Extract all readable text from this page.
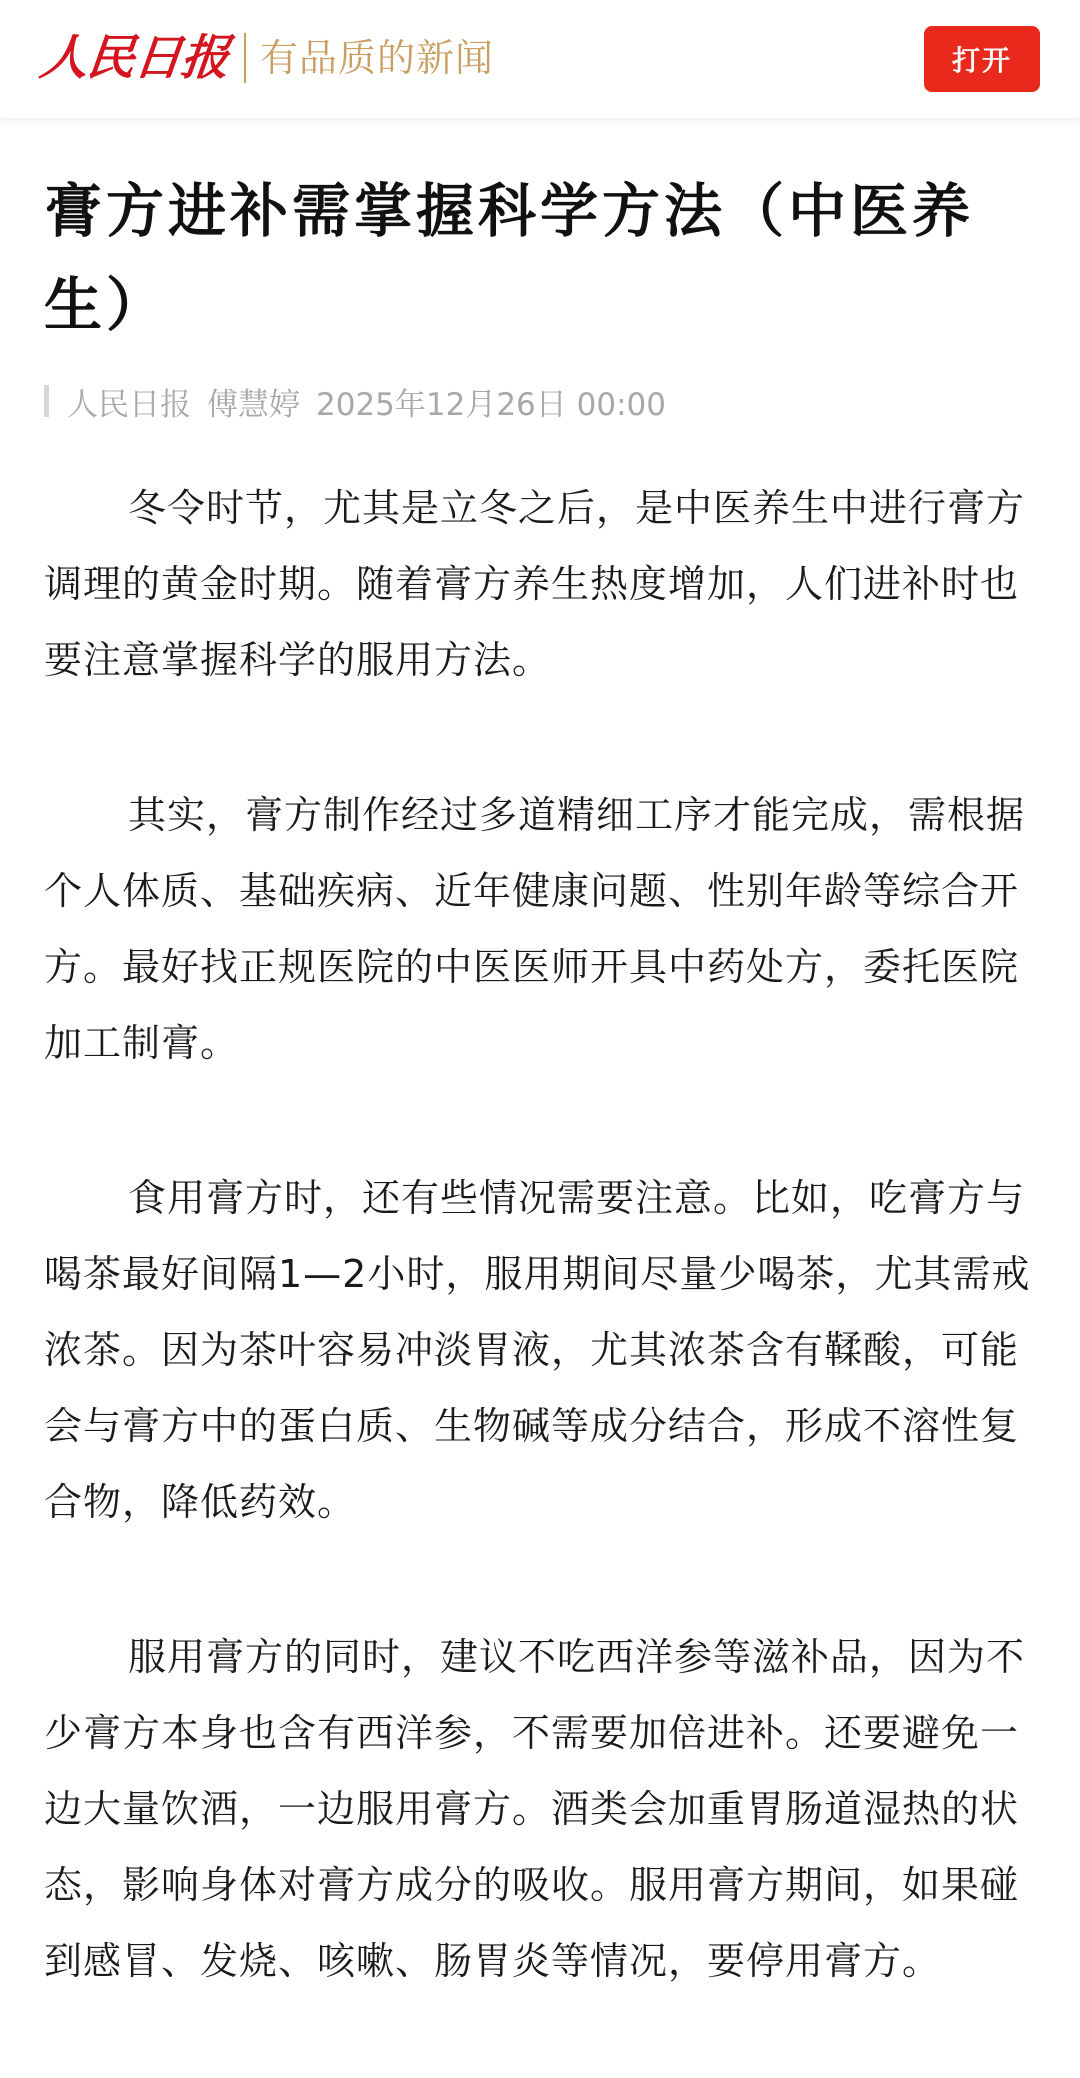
人民日报 有品质的新闻	打开
膏方进补需掌握科学方法（中医养生）
人民日报 傅慧婷 2025年12月26日 00:00

冬令时节，尤其是立冬之后，是中医养生中进行膏方调理的黄金时期。随着膏方养生热度增加，人们进补时也要注意掌握科学的服用方法。

其实，膏方制作经过多道精细工序才能完成，需根据个人体质、基础疾病、近年健康问题、性别年龄等综合开方。最好找正规医院的中医医师开具中药处方，委托医院加工制膏。

食用膏方时，还有些情况需要注意。比如，吃膏方与喝茶最好间隔1—2小时，服用期间尽量少喝茶，尤其需戒浓茶。因为茶叶容易冲淡胃液，尤其浓茶含有鞣酸，可能会与膏方中的蛋白质、生物碱等成分结合，形成不溶性复合物，降低药效。

服用膏方的同时，建议不吃西洋参等滋补品，因为不少膏方本身也含有西洋参，不需要加倍进补。还要避免一边大量饮酒，一边服用膏方。酒类会加重胃肠道湿热的状态，影响身体对膏方成分的吸收。服用膏方期间，如果碰到感冒、发烧、咳嗽、肠胃炎等情况，要停用膏方。
